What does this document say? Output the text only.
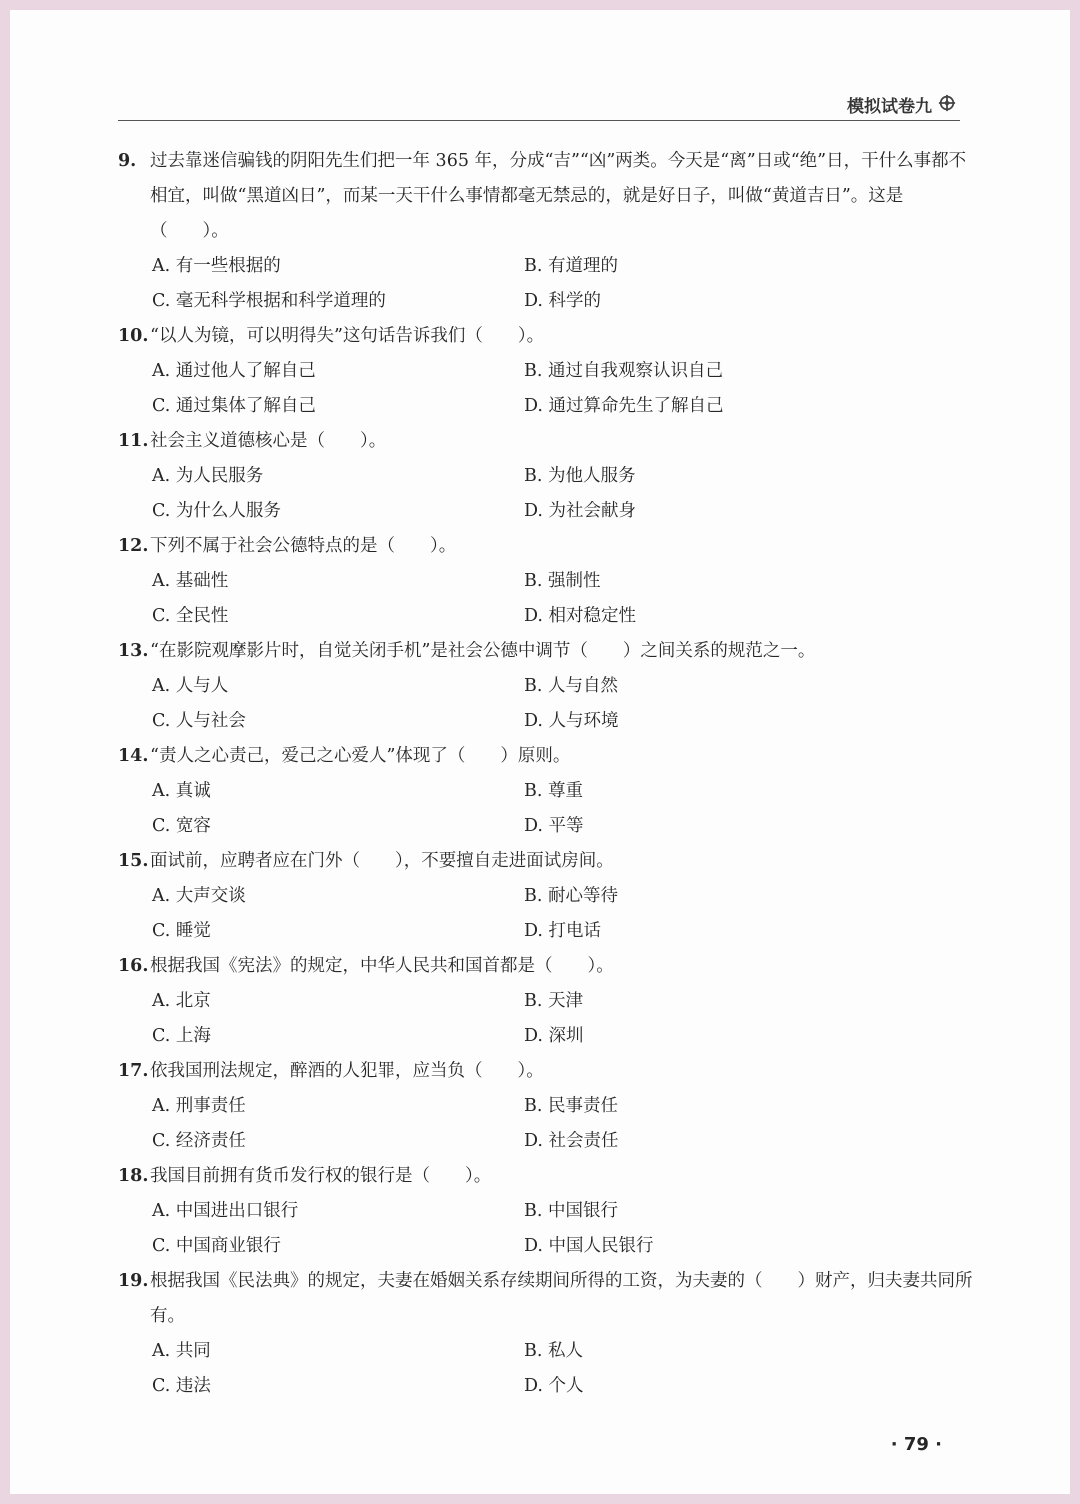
模拟试卷九
9. 过去靠迷信骗钱的阴阳先生们把一年 365 年，分成“吉”“凶”两类。今天是“离”日或“绝”日，干什么事都不相宜，叫做“黑道凶日”，而某一天干什么事情都毫无禁忌的，就是好日子，叫做“黄道吉日”。这是（　　）。
A. 有一些根据的	B. 有道理的
C. 毫无科学根据和科学道理的	D. 科学的
10. “以人为镜，可以明得失”这句话告诉我们（　　）。
A. 通过他人了解自己	B. 通过自我观察认识自己
C. 通过集体了解自己	D. 通过算命先生了解自己
11. 社会主义道德核心是（　　）。
A. 为人民服务	B. 为他人服务
C. 为什么人服务	D. 为社会献身
12. 下列不属于社会公德特点的是（　　）。
A. 基础性	B. 强制性
C. 全民性	D. 相对稳定性
13. “在影院观摩影片时，自觉关闭手机”是社会公德中调节（　　）之间关系的规范之一。
A. 人与人	B. 人与自然
C. 人与社会	D. 人与环境
14. “责人之心责己，爱己之心爱人”体现了（　　）原则。
A. 真诚	B. 尊重
C. 宽容	D. 平等
15. 面试前，应聘者应在门外（　　），不要擅自走进面试房间。
A. 大声交谈	B. 耐心等待
C. 睡觉	D. 打电话
16. 根据我国《宪法》的规定，中华人民共和国首都是（　　）。
A. 北京	B. 天津
C. 上海	D. 深圳
17. 依我国刑法规定，醉酒的人犯罪，应当负（　　）。
A. 刑事责任	B. 民事责任
C. 经济责任	D. 社会责任
18. 我国目前拥有货币发行权的银行是（　　）。
A. 中国进出口银行	B. 中国银行
C. 中国商业银行	D. 中国人民银行
19. 根据我国《民法典》的规定，夫妻在婚姻关系存续期间所得的工资，为夫妻的（　　）财产，归夫妻共同所有。
A. 共同	B. 私人
C. 违法	D. 个人
· 79 ·
